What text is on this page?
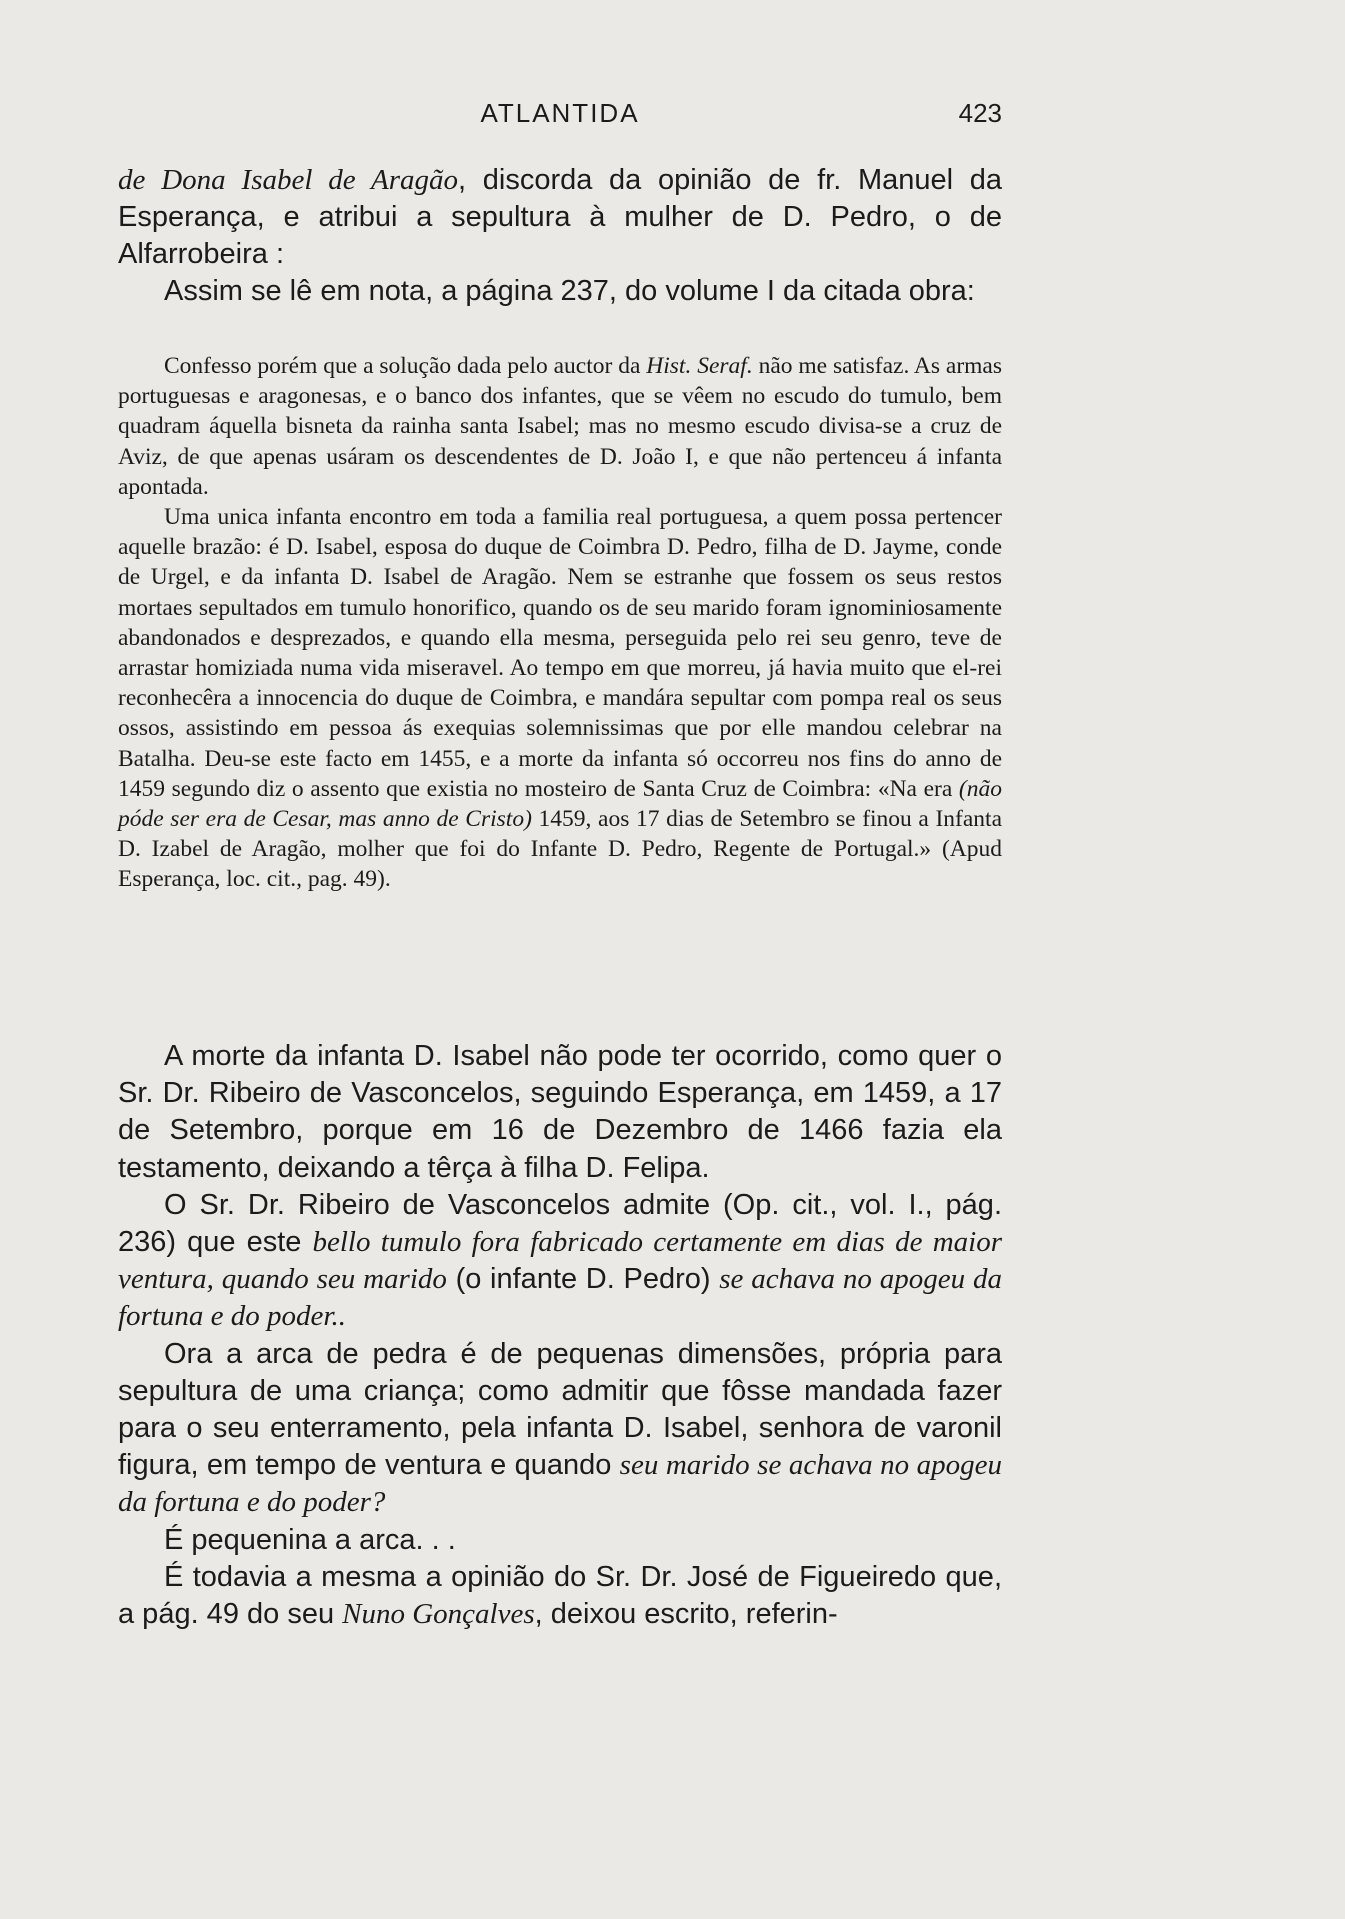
ATLANTIDA	423

de Dona Isabel de Aragão, discorda da opinião de fr. Manuel da Esperança, e atribui a sepultura à mulher de D. Pedro, o de Alfarrobeira :

Assim se lê em nota, a página 237, do volume I da citada obra:

Confesso porém que a solução dada pelo auctor da Hist. Seraf. não me satisfaz. As armas portuguesas e aragonesas, e o banco dos infantes, que se vêem no escudo do tumulo, bem quadram áquella bisneta da rainha santa Isabel; mas no mesmo escudo divisa-se a cruz de Aviz, de que apenas usáram os descendentes de D. João I, e que não pertenceu á infanta apontada.

Uma unica infanta encontro em toda a familia real portuguesa, a quem possa pertencer aquelle brazão: é D. Isabel, esposa do duque de Coimbra D. Pedro, filha de D. Jayme, conde de Urgel, e da infanta D. Isabel de Aragão. Nem se estranhe que fossem os seus restos mortaes sepultados em tumulo honorifico, quando os de seu marido foram ignominiosamente abandonados e desprezados, e quando ella mesma, perseguida pelo rei seu genro, teve de arrastar homiziada numa vida miseravel. Ao tempo em que morreu, já havia muito que el-rei reconhecêra a innocencia do duque de Coimbra, e mandára sepultar com pompa real os seus ossos, assistindo em pessoa ás exequias solemnissimas que por elle mandou celebrar na Batalha. Deu-se este facto em 1455, e a morte da infanta só occorreu nos fins do anno de 1459 segundo diz o assento que existia no mosteiro de Santa Cruz de Coimbra: «Na era (não póde ser era de Cesar, mas anno de Cristo) 1459, aos 17 dias de Setembro se finou a Infanta D. Izabel de Aragão, molher que foi do Infante D. Pedro, Regente de Portugal.» (Apud Esperança, loc. cit., pag. 49).

A morte da infanta D. Isabel não pode ter ocorrido, como quer o Sr. Dr. Ribeiro de Vasconcelos, seguindo Esperança, em 1459, a 17 de Setembro, porque em 16 de Dezembro de 1466 fazia ela testamento, deixando a têrça à filha D. Felipa.

O Sr. Dr. Ribeiro de Vasconcelos admite (Op. cit., vol. I., pág. 236) que este bello tumulo fora fabricado certamente em dias de maior ventura, quando seu marido (o infante D. Pedro) se achava no apogeu da fortuna e do poder..

Ora a arca de pedra é de pequenas dimensões, própria para sepultura de uma criança; como admitir que fôsse mandada fazer para o seu enterramento, pela infanta D. Isabel, senhora de varonil figura, em tempo de ventura e quando seu marido se achava no apogeu da fortuna e do poder?

É pequenina a arca. . .

É todavia a mesma a opinião do Sr. Dr. José de Figueiredo que, a pág. 49 do seu Nuno Gonçalves, deixou escrito, referin-
